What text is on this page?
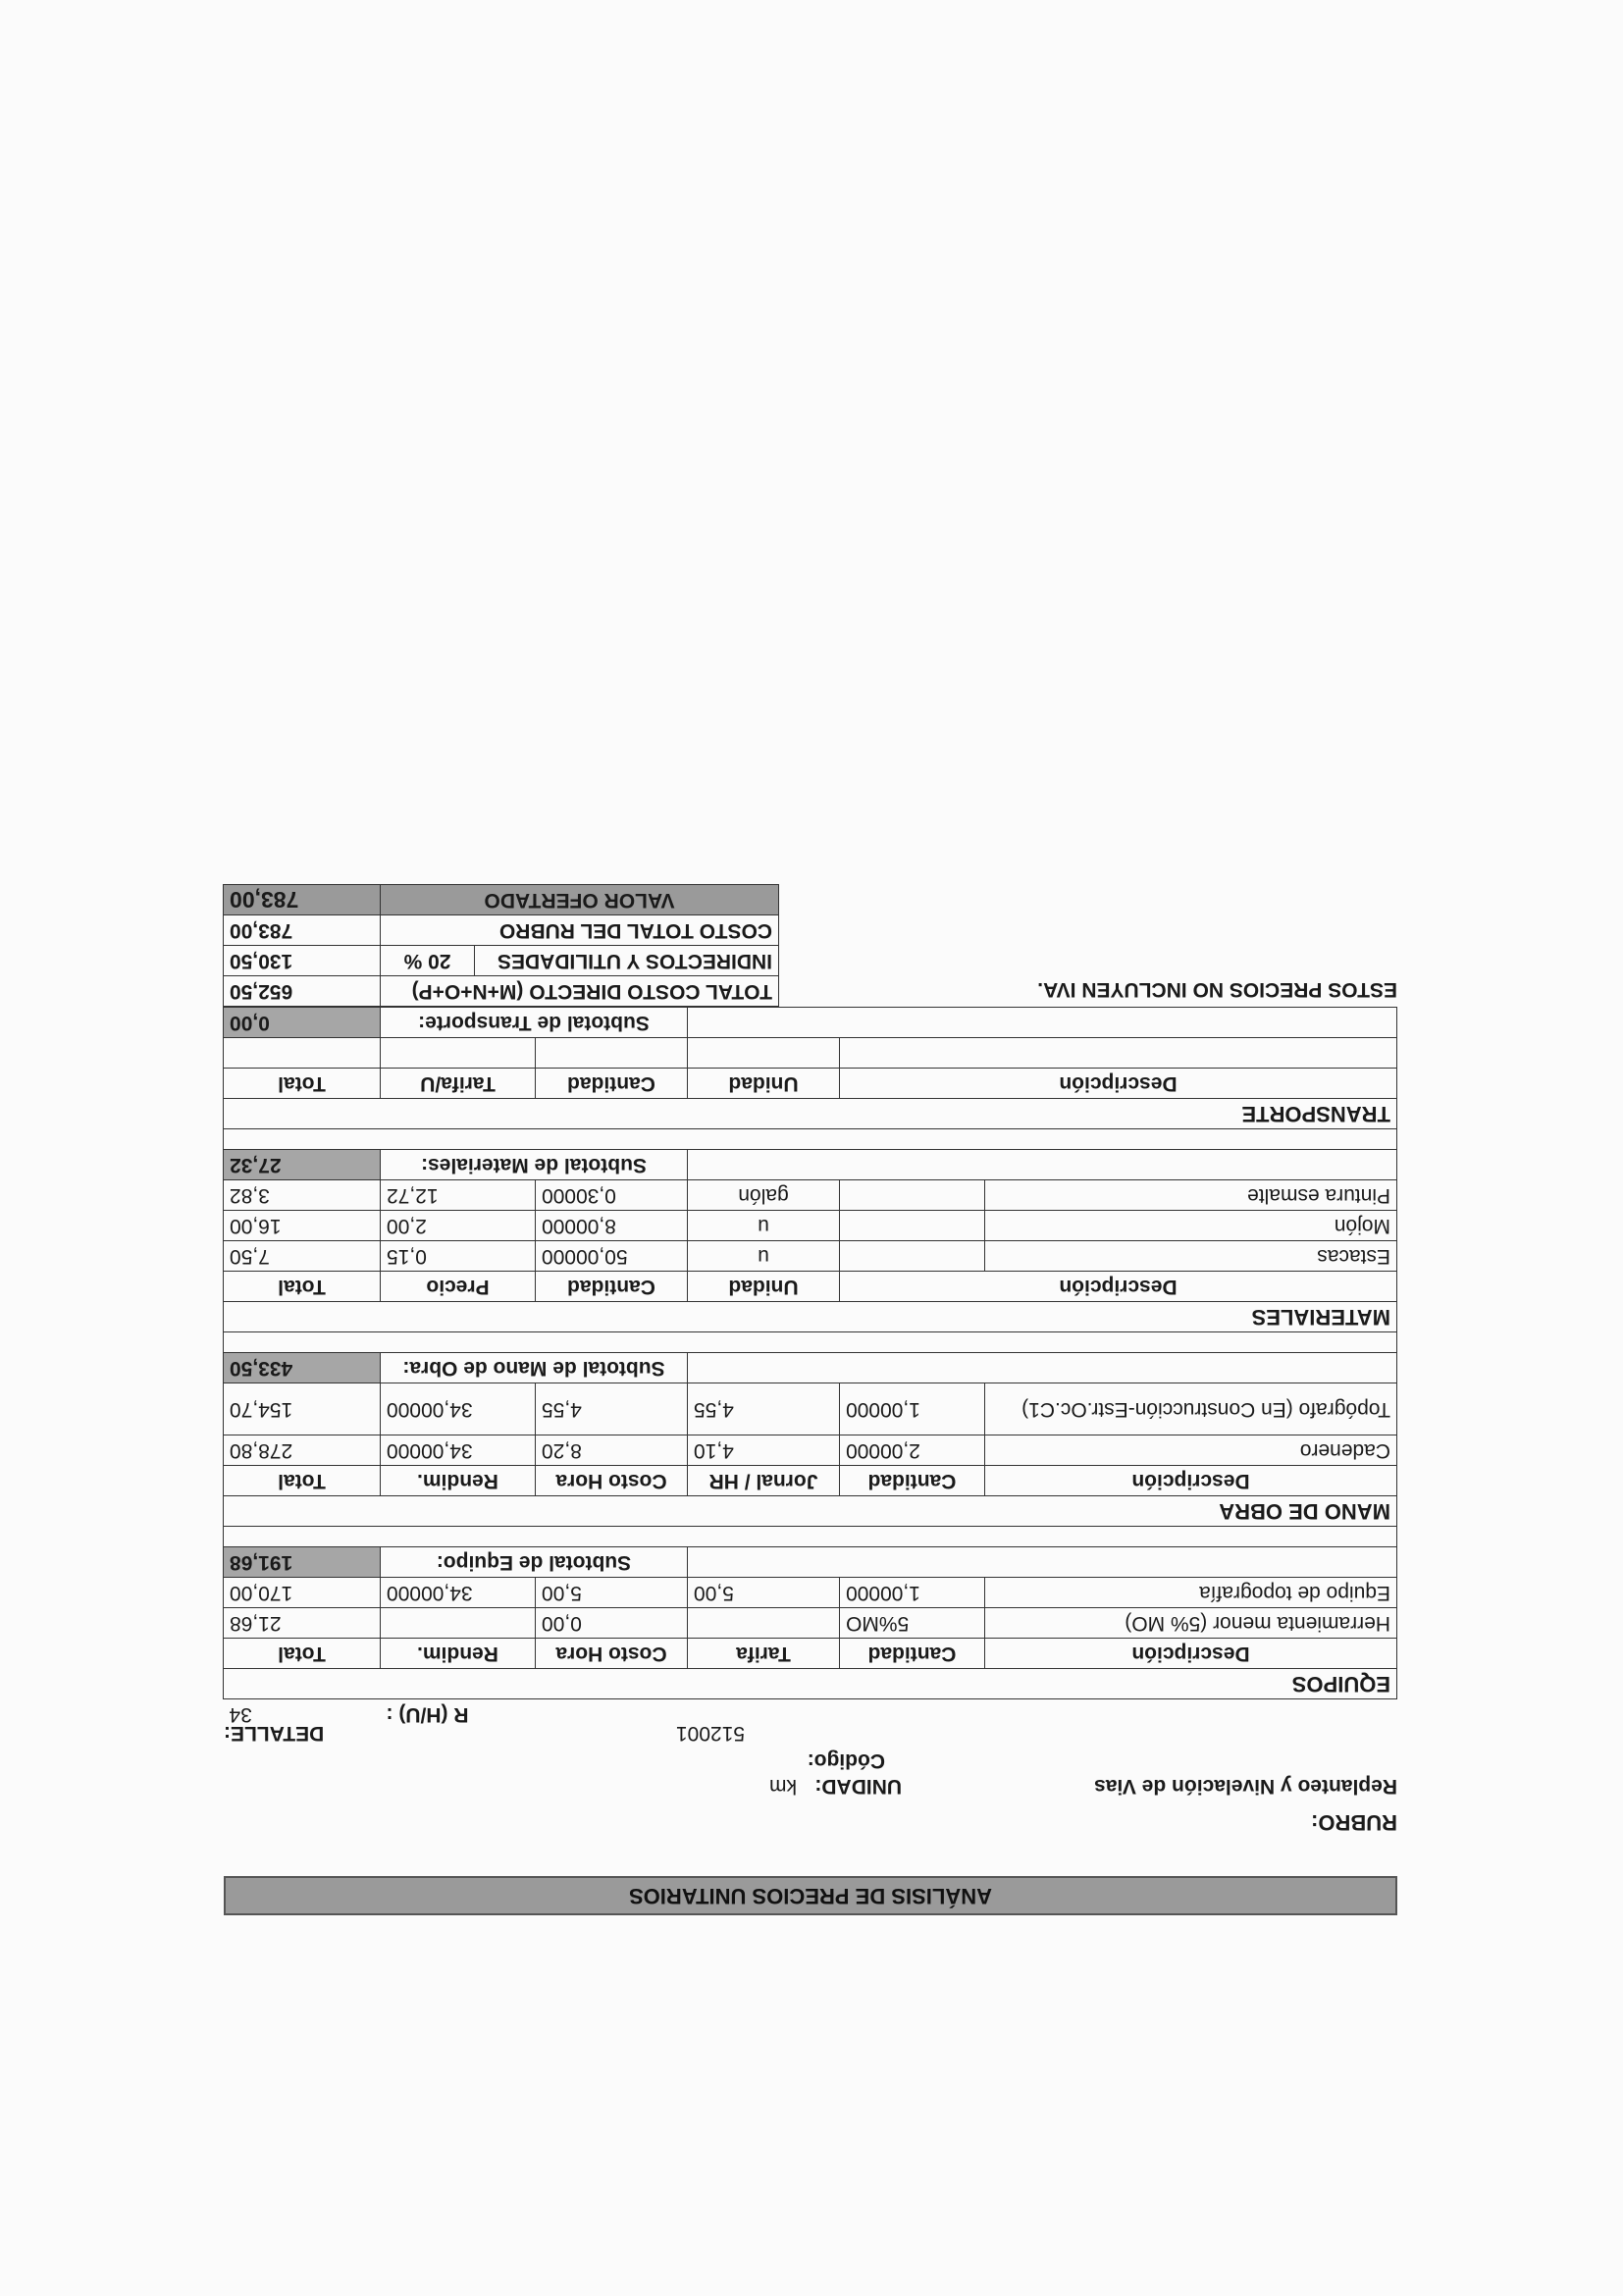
ANÁLISIS DE PRECIOS UNITARIOS
RUBRO:
Replanteo y Nivelación de Vias
UNIDAD:
km
Código:
512001
DETALLE:
				R (H/U) :	34
EQUIPOS					
Descripción	Cantidad	Tarifa	Costo Hora	Rendim.	Total
Herramienta menor (5% MO)	5%MO		0,00		21,68
Equipo de topografía	1,00000	5,00	5,00	34,00000	170,00
			Subtotal de Equipo:		191,68

MANO DE OBRA					
Descripción	Cantidad	Jornal / HR	Costo Hora	Rendim.	Total
Cadenero	2,00000	4,10	8,20	34,00000	278,80
Topógrafo (En Construcción-Estr.Oc.C1)	1,00000	4,55	4,55	34,00000	154,70
			Subtotal de Mano de Obra:		433,50

MATERIALES					
Descripción		Unidad	Cantidad	Precio	Total
Estacas		u	50,00000	0,15	7,50
Mojón		u	8,00000	2,00	16,00
Pintura esmalte		galón	0,30000	12,72	3,82
			Subtotal de Materiales:		27,32

TRANSPORTE					
Descripción		Unidad	Cantidad	Tarifa/U	Total

			Subtotal de Transporte:		0,00
ESTOS PRECIOS NO INCLUYEN IVA.
TOTAL COSTO DIRECTO (M+N+O+P)		652,50
INDIRECTOS Y UTILIDADES	20 %	130,50
COSTO TOTAL DEL RUBRO		783,00
VALOR OFERTADO		783,00
